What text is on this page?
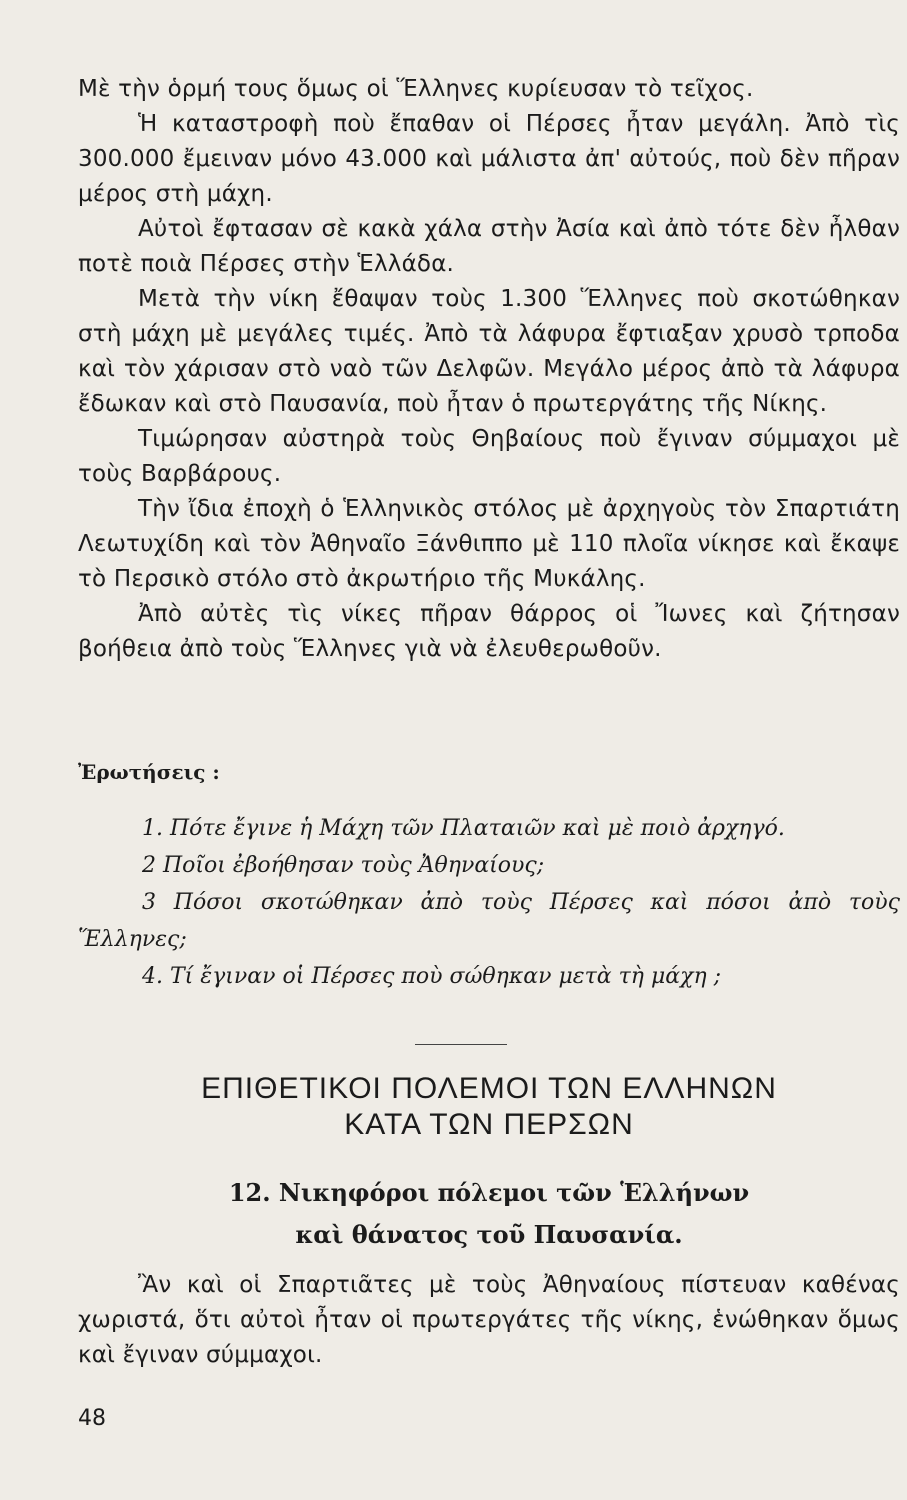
Μὲ τὴν ὁρμή τους ὅμως οἱ Ἕλληνες κυρίευσαν τὸ τεῖχος.

Ἡ καταστροφὴ ποὺ ἔπαθαν οἱ Πέρσες ἦταν μεγάλη. Ἀπὸ τὶς 300.000 ἔμειναν μόνο 43.000 καὶ μάλιστα ἀπ' αὐτούς, ποὺ δὲν πῆραν μέρος στὴ μάχη.

Αὐτοὶ ἔφτασαν σὲ κακὰ χάλα στὴν Ἀσία καὶ ἀπὸ τότε δὲν ἦλθαν ποτὲ ποιὰ Πέρσες στὴν Ἑλλάδα.

Μετὰ τὴν νίκη ἔθαψαν τοὺς 1.300 Ἕλληνες ποὺ σκοτώθηκαν στὴ μάχη μὲ μεγάλες τιμές. Ἀπὸ τὰ λάφυρα ἔφτιαξαν χρυσὸ τρποδα καὶ τὸν χάρισαν στὸ ναὸ τῶν Δελφῶν. Μεγάλο μέρος ἀπὸ τὰ λάφυρα ἔδωκαν καὶ στὸ Παυσανία, ποὺ ἦταν ὁ πρωτεργάτης τῆς Νίκης.

Τιμώρησαν αὐστηρὰ τοὺς Θηβαίους ποὺ ἔγιναν σύμμαχοι μὲ τοὺς Βαρβάρους.

Τὴν ἴδια ἐποχὴ ὁ Ἑλληνικὸς στόλος μὲ ἀρχηγοὺς τὸν Σπαρτιάτη Λεωτυχίδη καὶ τὸν Ἀθηναῖο Ξάνθιππο μὲ 110 πλοῖα νίκησε καὶ ἔκαψε τὸ Περσικὸ στόλο στὸ ἀκρωτήριο τῆς Μυκάλης.

Ἀπὸ αὐτὲς τὶς νίκες πῆραν θάρρος οἱ Ἴωνες καὶ ζήτησαν βοήθεια ἀπὸ τοὺς Ἕλληνες γιὰ νὰ ἐλευθερωθοῦν.

Ἐρωτήσεις :

1. Πότε ἔγινε ἡ Μάχη τῶν Πλαταιῶν καὶ μὲ ποιὸ ἀρχηγό.

2 Ποῖοι ἐβοήθησαν τοὺς Ἀθηναίους;

3 Πόσοι σκοτώθηκαν ἀπὸ τοὺς Πέρσες καὶ πόσοι ἀπὸ τοὺς Ἕλληνες;

4. Τί ἔγιναν οἱ Πέρσες ποὺ σώθηκαν μετὰ τὴ μάχη ;

ΕΠΙΘΕΤΙΚΟΙ ΠΟΛΕΜΟΙ ΤΩΝ ΕΛΛΗΝΩΝ
ΚΑΤΑ ΤΩΝ ΠΕΡΣΩΝ
12. Νικηφόροι πόλεμοι τῶν Ἑλλήνων
καὶ θάνατος τοῦ Παυσανία.

Ἂν καὶ οἱ Σπαρτιᾶτες μὲ τοὺς Ἀθηναίους πίστευαν καθένας χωριστά, ὅτι αὐτοὶ ἦταν οἱ πρωτεργάτες τῆς νίκης, ἑνώθηκαν ὅμως καὶ ἔγιναν σύμμαχοι.

48
